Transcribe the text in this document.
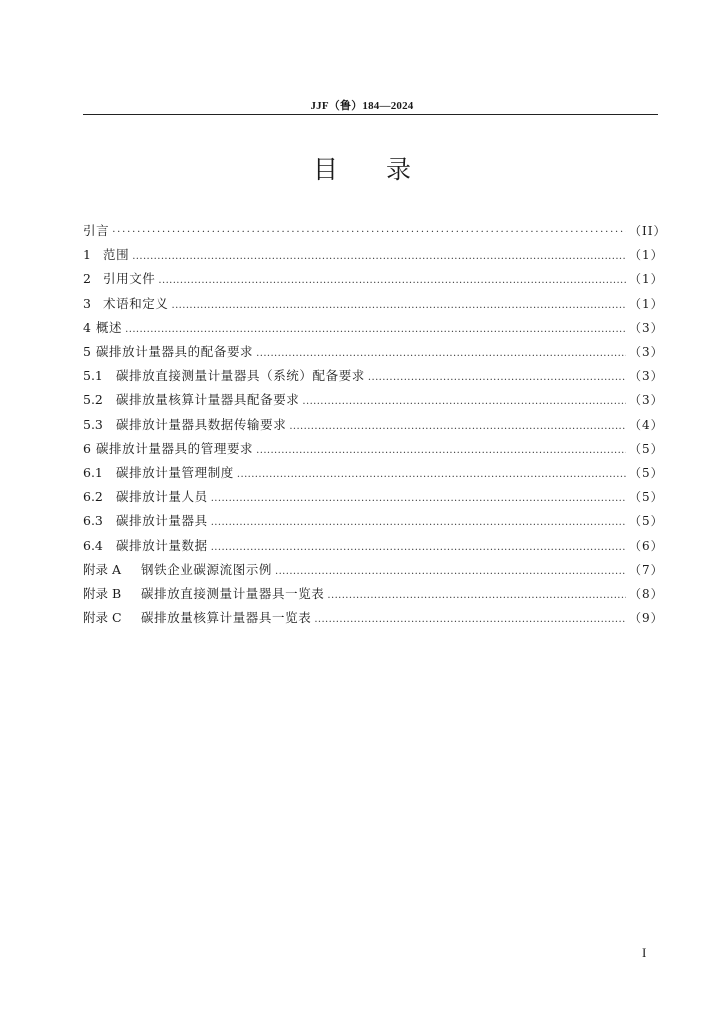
JJF（鲁）184—2024
目录
引言 ·····	（II）
1 范围 .....	（1）
2 引用文件 .....	（1）
3 术语和定义 .....	（1）
4 概述 .....	（3）
5 碳排放计量器具的配备要求 .....	（3）
5.1	碳排放直接测量计量器具（系统）配备要求 .....	（3）
5.2	碳排放量核算计量器具配备要求 .....	（3）
5.3	碳排放计量器具数据传输要求 .....	（4）
6 碳排放计量器具的管理要求 .....	（5）
6.1	碳排放计量管理制度 .....	（5）
6.2	碳排放计量人员 .....	（5）
6.3	碳排放计量器具 .....	（5）
6.4	碳排放计量数据 .....	（6）
附录 A	钢铁企业碳源流图示例 .....	（7）
附录 B	碳排放直接测量计量器具一览表 .....	（8）
附录 C	碳排放量核算计量器具一览表 .....	（9）
I
